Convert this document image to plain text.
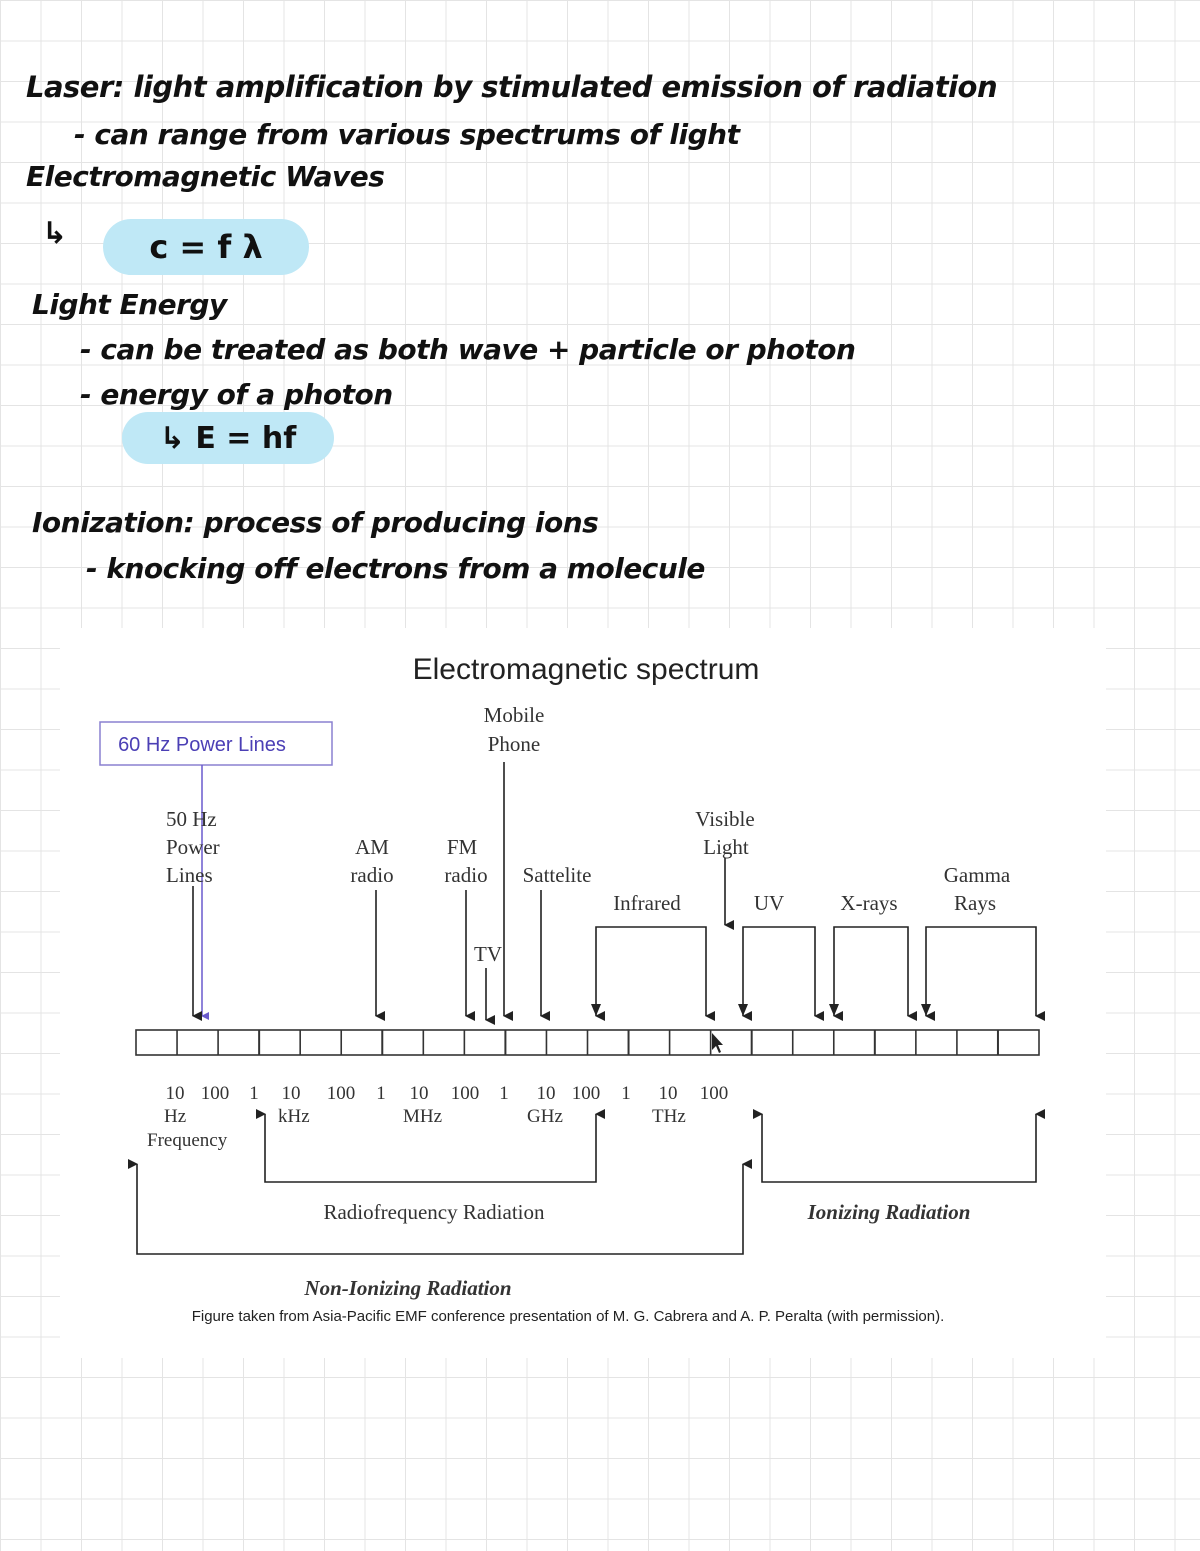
Laser: light amplification by stimulated emission of radiation

- can range from various spectrums of light

Electromagnetic Waves

↳	c = f λ

Light Energy

- can be treated as both wave + particle or photon

- energy of a photon

↳ E = hf

Ionization: process of producing ions

- knocking off electrons from a molecule

Electromagnetic spectrum
60 Hz Power Lines
Mobile
Phone
50 Hz
Power
Lines
AM
radio
FM
radio Sattelite
Visible
Light
Infrared	UV	X-rays
Gamma
Rays
TV
10 100 1 10 100 1 10 100 1 10 100 1 10 100
Hz	kHz	MHz	GHz	THz
Frequency
Radiofrequency Radiation	Ionizing Radiation
Non-Ionizing Radiation
Figure taken from Asia-Pacific EMF conference presentation of M. G. Cabrera and A. P. Peralta (with permission).
